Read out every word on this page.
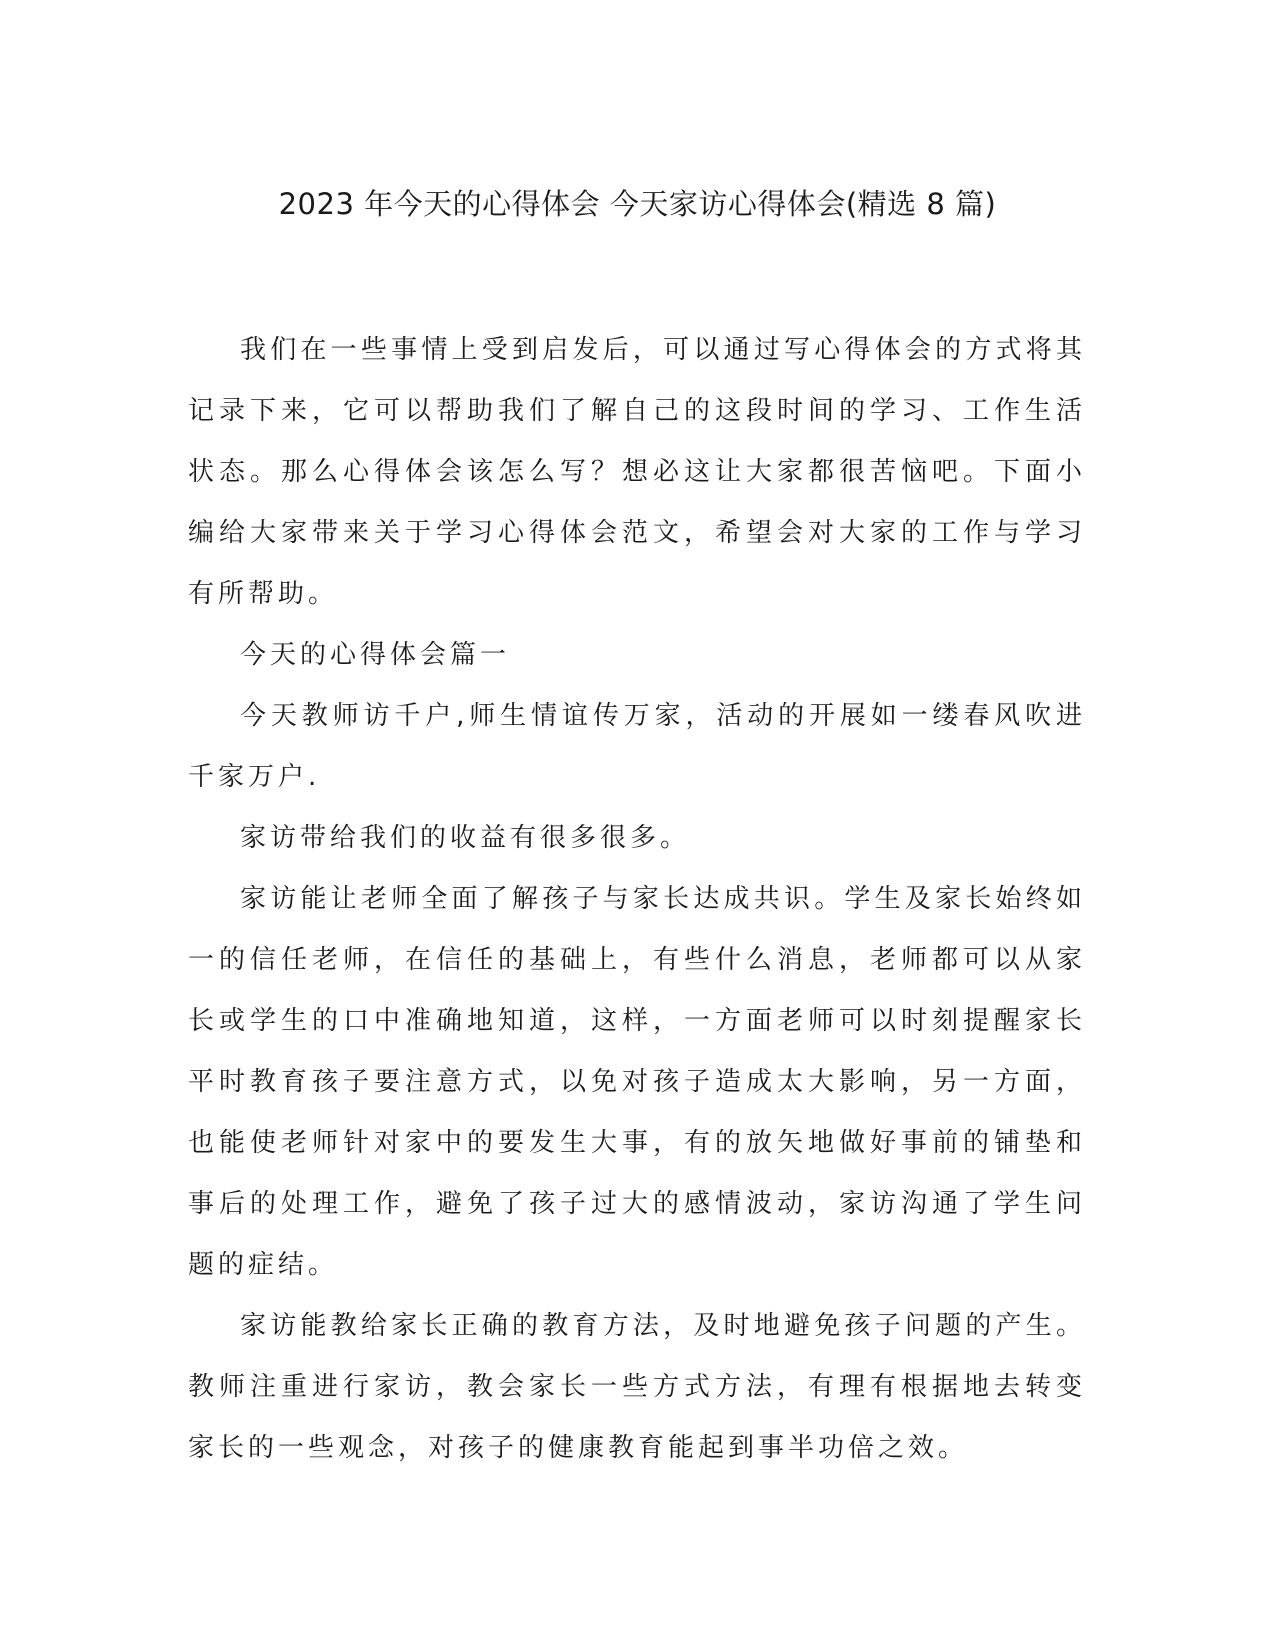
2023 年今天的心得体会 今天家访心得体会(精选 8 篇)

我们在一些事情上受到启发后，可以通过写心得体会的方式将其记录下来，它可以帮助我们了解自己的这段时间的学习、工作生活状态。那么心得体会该怎么写？想必这让大家都很苦恼吧。下面小编给大家带来关于学习心得体会范文，希望会对大家的工作与学习有所帮助。

今天的心得体会篇一

今天教师访千户,师生情谊传万家，活动的开展如一缕春风吹进千家万户.

家访带给我们的收益有很多很多。

家访能让老师全面了解孩子与家长达成共识。学生及家长始终如一的信任老师，在信任的基础上，有些什么消息，老师都可以从家长或学生的口中准确地知道，这样，一方面老师可以时刻提醒家长平时教育孩子要注意方式，以免对孩子造成太大影响，另一方面，也能使老师针对家中的要发生大事，有的放矢地做好事前的铺垫和事后的处理工作，避免了孩子过大的感情波动，家访沟通了学生问题的症结。

家访能教给家长正确的教育方法，及时地避免孩子问题的产生。教师注重进行家访，教会家长一些方式方法，有理有根据地去转变家长的一些观念，对孩子的健康教育能起到事半功倍之效。
